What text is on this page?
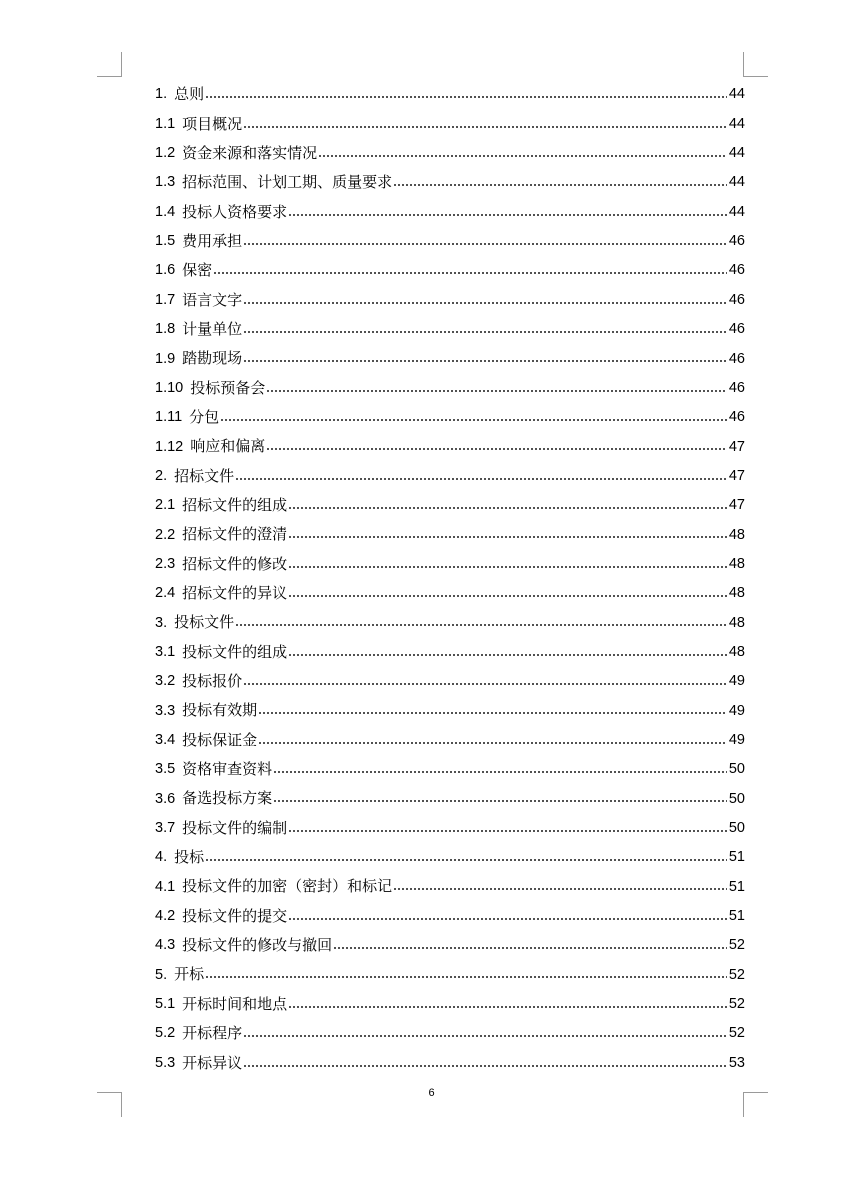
1. 总则	44
1.1 项目概况	44
1.2 资金来源和落实情况	44
1.3 招标范围、计划工期、质量要求	44
1.4 投标人资格要求	44
1.5 费用承担	46
1.6 保密	46
1.7 语言文字	46
1.8 计量单位	46
1.9 踏勘现场	46
1.10 投标预备会	46
1.11 分包	46
1.12 响应和偏离	47
2. 招标文件	47
2.1 招标文件的组成	47
2.2 招标文件的澄清	48
2.3 招标文件的修改	48
2.4 招标文件的异议	48
3. 投标文件	48
3.1 投标文件的组成	48
3.2 投标报价	49
3.3 投标有效期	49
3.4 投标保证金	49
3.5 资格审查资料	50
3.6 备选投标方案	50
3.7 投标文件的编制	50
4. 投标	51
4.1 投标文件的加密（密封）和标记	51
4.2 投标文件的提交	51
4.3 投标文件的修改与撤回	52
5. 开标	52
5.1 开标时间和地点	52
5.2 开标程序	52
5.3 开标异议	53
6
